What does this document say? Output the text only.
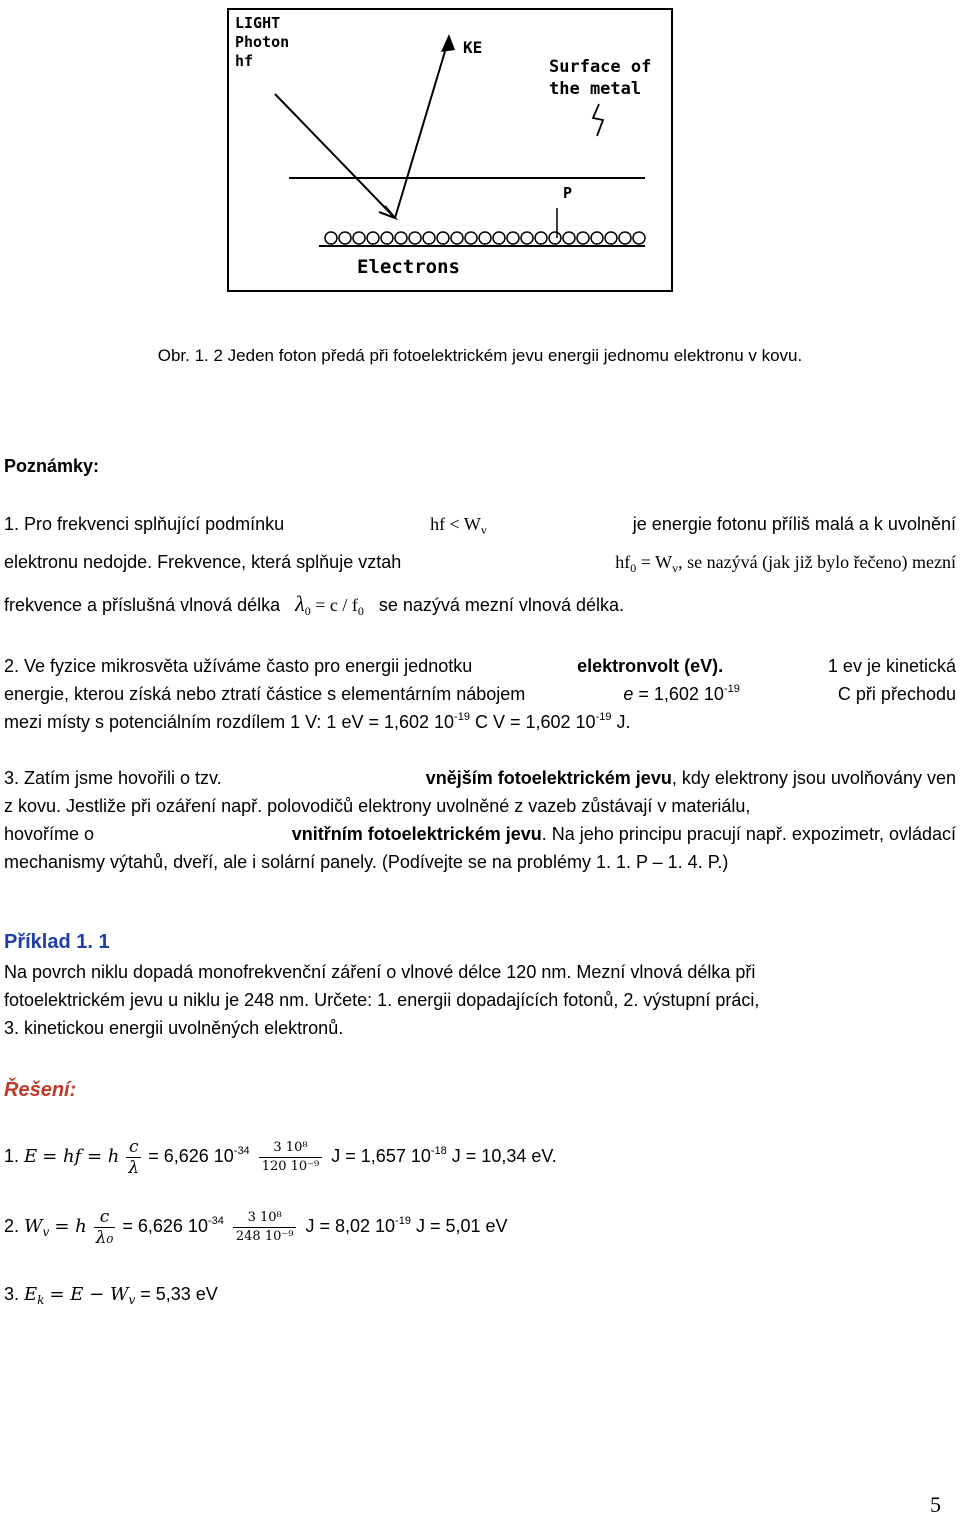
LIGHT
Photon
hf
KE
Surface of
the metal
P
Electrons
Obr. 1. 2 Jeden foton předá při fotoelektrickém jevu energii jednomu elektronu v kovu.
Poznámky:
1. Pro frekvenci splňující podmínku	hf < $W_v$	je energie fotonu příliš malá a k uvolnění
elektronu nedojde. Frekvence, která splňuje vztah	$hf_0 = W_v$, se nazývá (jak již bylo řečeno) mezní
frekvence a příslušná vlnová délka $\lambda_0 = c / f_0$ se nazývá mezní vlnová délka.
2. Ve fyzice mikrosvěta užíváme často pro energii jednotku	elektronvolt (eV).	1 ev je kinetická
energie, kterou získá nebo ztratí částice s elementárním nábojem	e = 1,602 $10^{-19}$	C při přechodu
mezi místy s potenciálním rozdílem 1 V: 1 eV = 1,602 $10^{-19}$ C V = 1,602 $10^{-19}$ J.
3. Zatím jsme hovořili o tzv.	vnějším fotoelektrickém jevu, kdy elektrony jsou uvolňovány ven
z kovu. Jestliže při ozáření např. polovodičů elektrony uvolněné z vazeb zůstávají v materiálu,
hovoříme o	vnitřním fotoelektrickém jevu. Na jeho principu pracují např. expozimetr, ovládací
mechanismy výtahů, dveří, ale i solární panely. (Podívejte se na problémy 1. 1. P – 1. 4. P.)
Příklad 1. 1
Na povrch niklu dopadá monofrekvenční záření o vlnové délce 120 nm. Mezní vlnová délka při
fotoelektrickém jevu u niklu je 248 nm. Určete: 1. energii dopadajících fotonů, 2. výstupní práci,
3. kinetickou energii uvolněných elektronů.
Řešení:
1. E = hf = h $\frac{c}{\lambda} = 6,626$ $10^{-34} \frac{\text{3 10⁸}}{\text{120 10⁻⁹}}$ J = 1,657 $10^{-18}$ J = 10,34 eV.
2. $W_v = h \frac{c}{\text{λ₀}} = 6,626$ $10^{-34} \frac{\text{3 10⁸}}{\text{248 10⁻⁹}}$ J = 8,02 $10^{-19}$ J = 5,01 eV
3. $E_k = E - W_v = 5,33$ eV
5
